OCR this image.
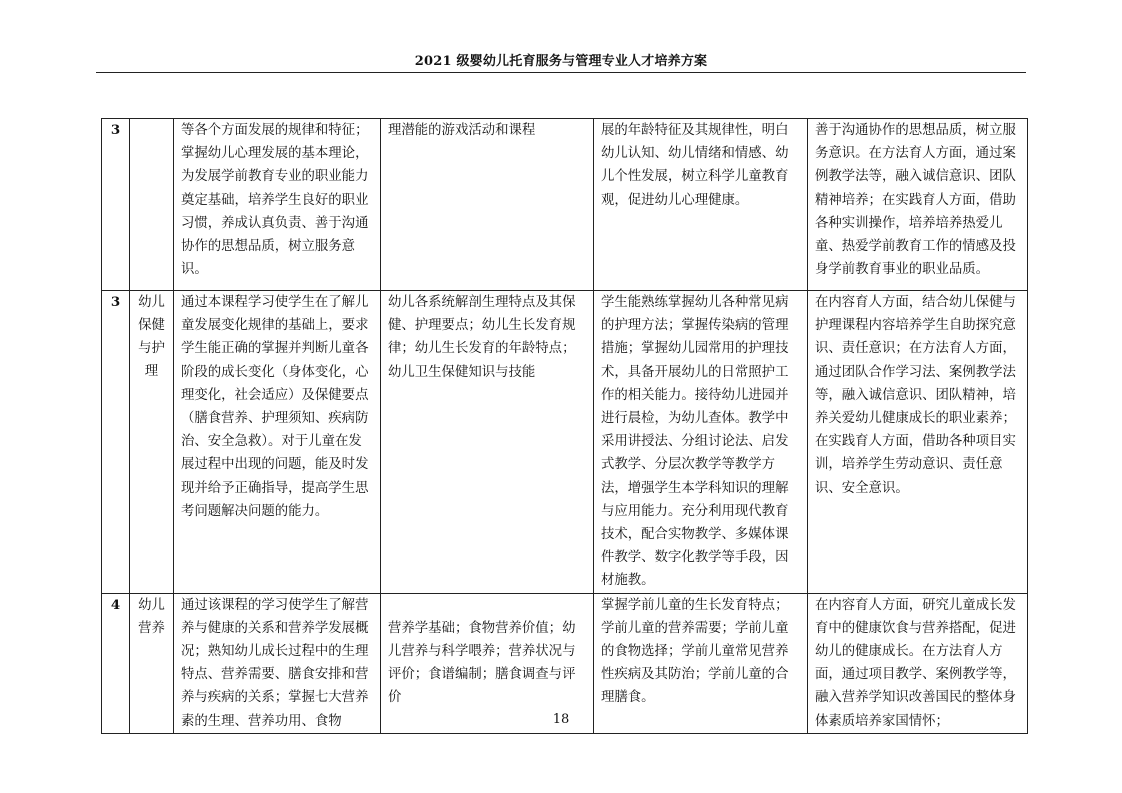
2021 级婴幼儿托育服务与管理专业人才培养方案
3		等各个方面发展的规律和特征；掌握幼儿心理发展的基本理论，为发展学前教育专业的职业能力奠定基础，培养学生良好的职业习惯，养成认真负责、善于沟通协作的思想品质，树立服务意识。	理潜能的游戏活动和课程	展的年龄特征及其规律性，明白幼儿认知、幼儿情绪和情感、幼儿个性发展，树立科学儿童教育观，促进幼儿心理健康。	善于沟通协作的思想品质，树立服务意识。在方法育人方面，通过案例教学法等，融入诚信意识、团队精神培养；在实践育人方面，借助各种实训操作，培养培养热爱儿童、热爱学前教育工作的情感及投身学前教育事业的职业品质。

3	幼儿保健与护理	通过本课程学习使学生在了解儿童发展变化规律的基础上，要求学生能正确的掌握并判断儿童各阶段的成长变化（身体变化，心理变化，社会适应）及保健要点（膳食营养、护理须知、疾病防治、安全急救）。对于儿童在发展过程中出现的问题，能及时发现并给予正确指导，提高学生思考问题解决问题的能力。	幼儿各系统解剖生理特点及其保健、护理要点；幼儿生长发育规律；幼儿生长发育的年龄特点；幼儿卫生保健知识与技能	学生能熟练掌握幼儿各种常见病的护理方法；掌握传染病的管理措施；掌握幼儿园常用的护理技术，具备开展幼儿的日常照护工作的相关能力。接待幼儿进园并进行晨检，为幼儿查体。教学中采用讲授法、分组讨论法、启发式教学、分层次教学等教学方法，增强学生本学科知识的理解与应用能力。充分利用现代教育技术，配合实物教学、多媒体课件教学、数字化教学等手段，因材施教。	在内容育人方面，结合幼儿保健与护理课程内容培养学生自助探究意识、责任意识；在方法育人方面，通过团队合作学习法、案例教学法等，融入诚信意识、团队精神，培养关爱幼儿健康成长的职业素养；在实践育人方面，借助各种项目实训，培养学生劳动意识、责任意识、安全意识。

4	幼儿营养	通过该课程的学习使学生了解营养与健康的关系和营养学发展概况；熟知幼儿成长过程中的生理特点、营养需要、膳食安排和营养与疾病的关系；掌握七大营养素的生理、营养功用、食物	营养学基础；食物营养价值；幼儿营养与科学喂养；营养状况与评价；食谱编制；膳食调查与评价	掌握学前儿童的生长发育特点；学前儿童的营养需要；学前儿童的食物选择；学前儿童常见营养性疾病及其防治；学前儿童的合理膳食。	在内容育人方面，研究儿童成长发育中的健康饮食与营养搭配，促进幼儿的健康成长。在方法育人方面，通过项目教学、案例教学等，融入营养学知识改善国民的整体身体素质培养家国情怀；
18
